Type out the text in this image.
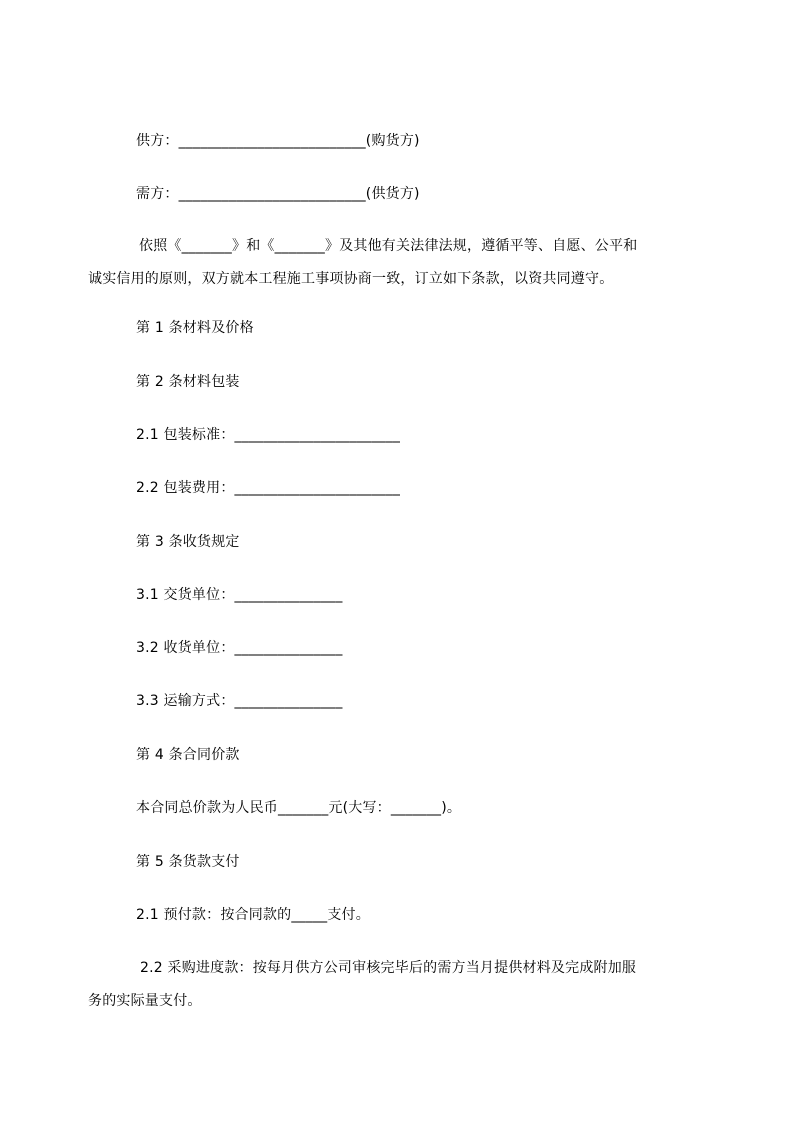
供方：__________________________(购货方)
需方：__________________________(供货方)
依照《_______》和《_______》及其他有关法律法规，遵循平等、自愿、公平和
诚实信用的原则，双方就本工程施工事项协商一致，订立如下条款，以资共同遵守。
第 1 条材料及价格
第 2 条材料包装
2.1 包装标准：_______________________
2.2 包装费用：_______________________
第 3 条收货规定
3.1 交货单位：_______________
3.2 收货单位：_______________
3.3 运输方式：_______________
第 4 条合同价款
本合同总价款为人民币_______元(大写：_______)。
第 5 条货款支付
2.1 预付款：按合同款的_____支付。
2.2 采购进度款：按每月供方公司审核完毕后的需方当月提供材料及完成附加服
务的实际量支付。
